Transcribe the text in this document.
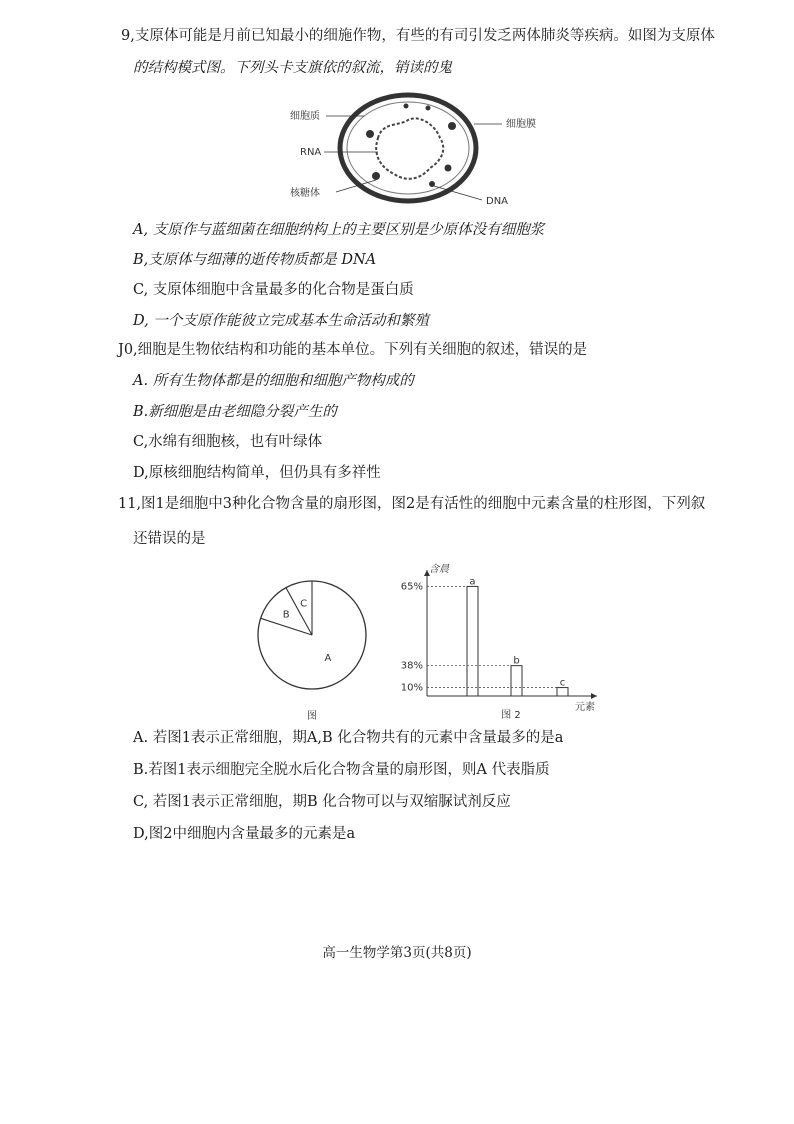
9,支原体可能是月前已知最小的细施作物，有些的有司引发乏两体肺炎等疾病。如图为支原体
的结构模式图。下列头卡支旗依的叙流，销读的鬼
细胞质
RNA
核糖体
细胞膜
DNA
A, 支原作与蓝细菌在细胞纳构上的主要区别是少原体没有细胞浆
B,支原体与细薄的逝传物质都是 DNA
C, 支原体细胞中含量最多的化合物是蛋白质
D, 一个支原作能彼立完成基本生命活动和繁殖
J0,细胞是生物依结构和功能的基本单位。下列有关细胞的叙述，错误的是
A. 所有生物体都是的细胞和细胞产物构成的
B.新细胞是由老细隐分裂产生的
C,水绵有细胞核，也有叶绿体
D,原核细胞结构简单，但仍具有多祥性
11,图1是细胞中3种化合物含量的扇形图，图2是有活性的细胞中元素含量的柱形图，下列叙
还错误的是
A
B
C
图
含晨
元素
a
65%
b
38%
c
10%
图 2
A. 若图1表示正常细胞，期A,B 化合物共有的元素中含量最多的是a
B.若图1表示细胞完全脱水后化合物含量的扇形图，则A 代表脂质
C, 若图1表示正常细胞，期B 化合物可以与双缩脲试剂反应
D,图2中细胞内含量最多的元素是a
高一生物学第3页(共8页)
